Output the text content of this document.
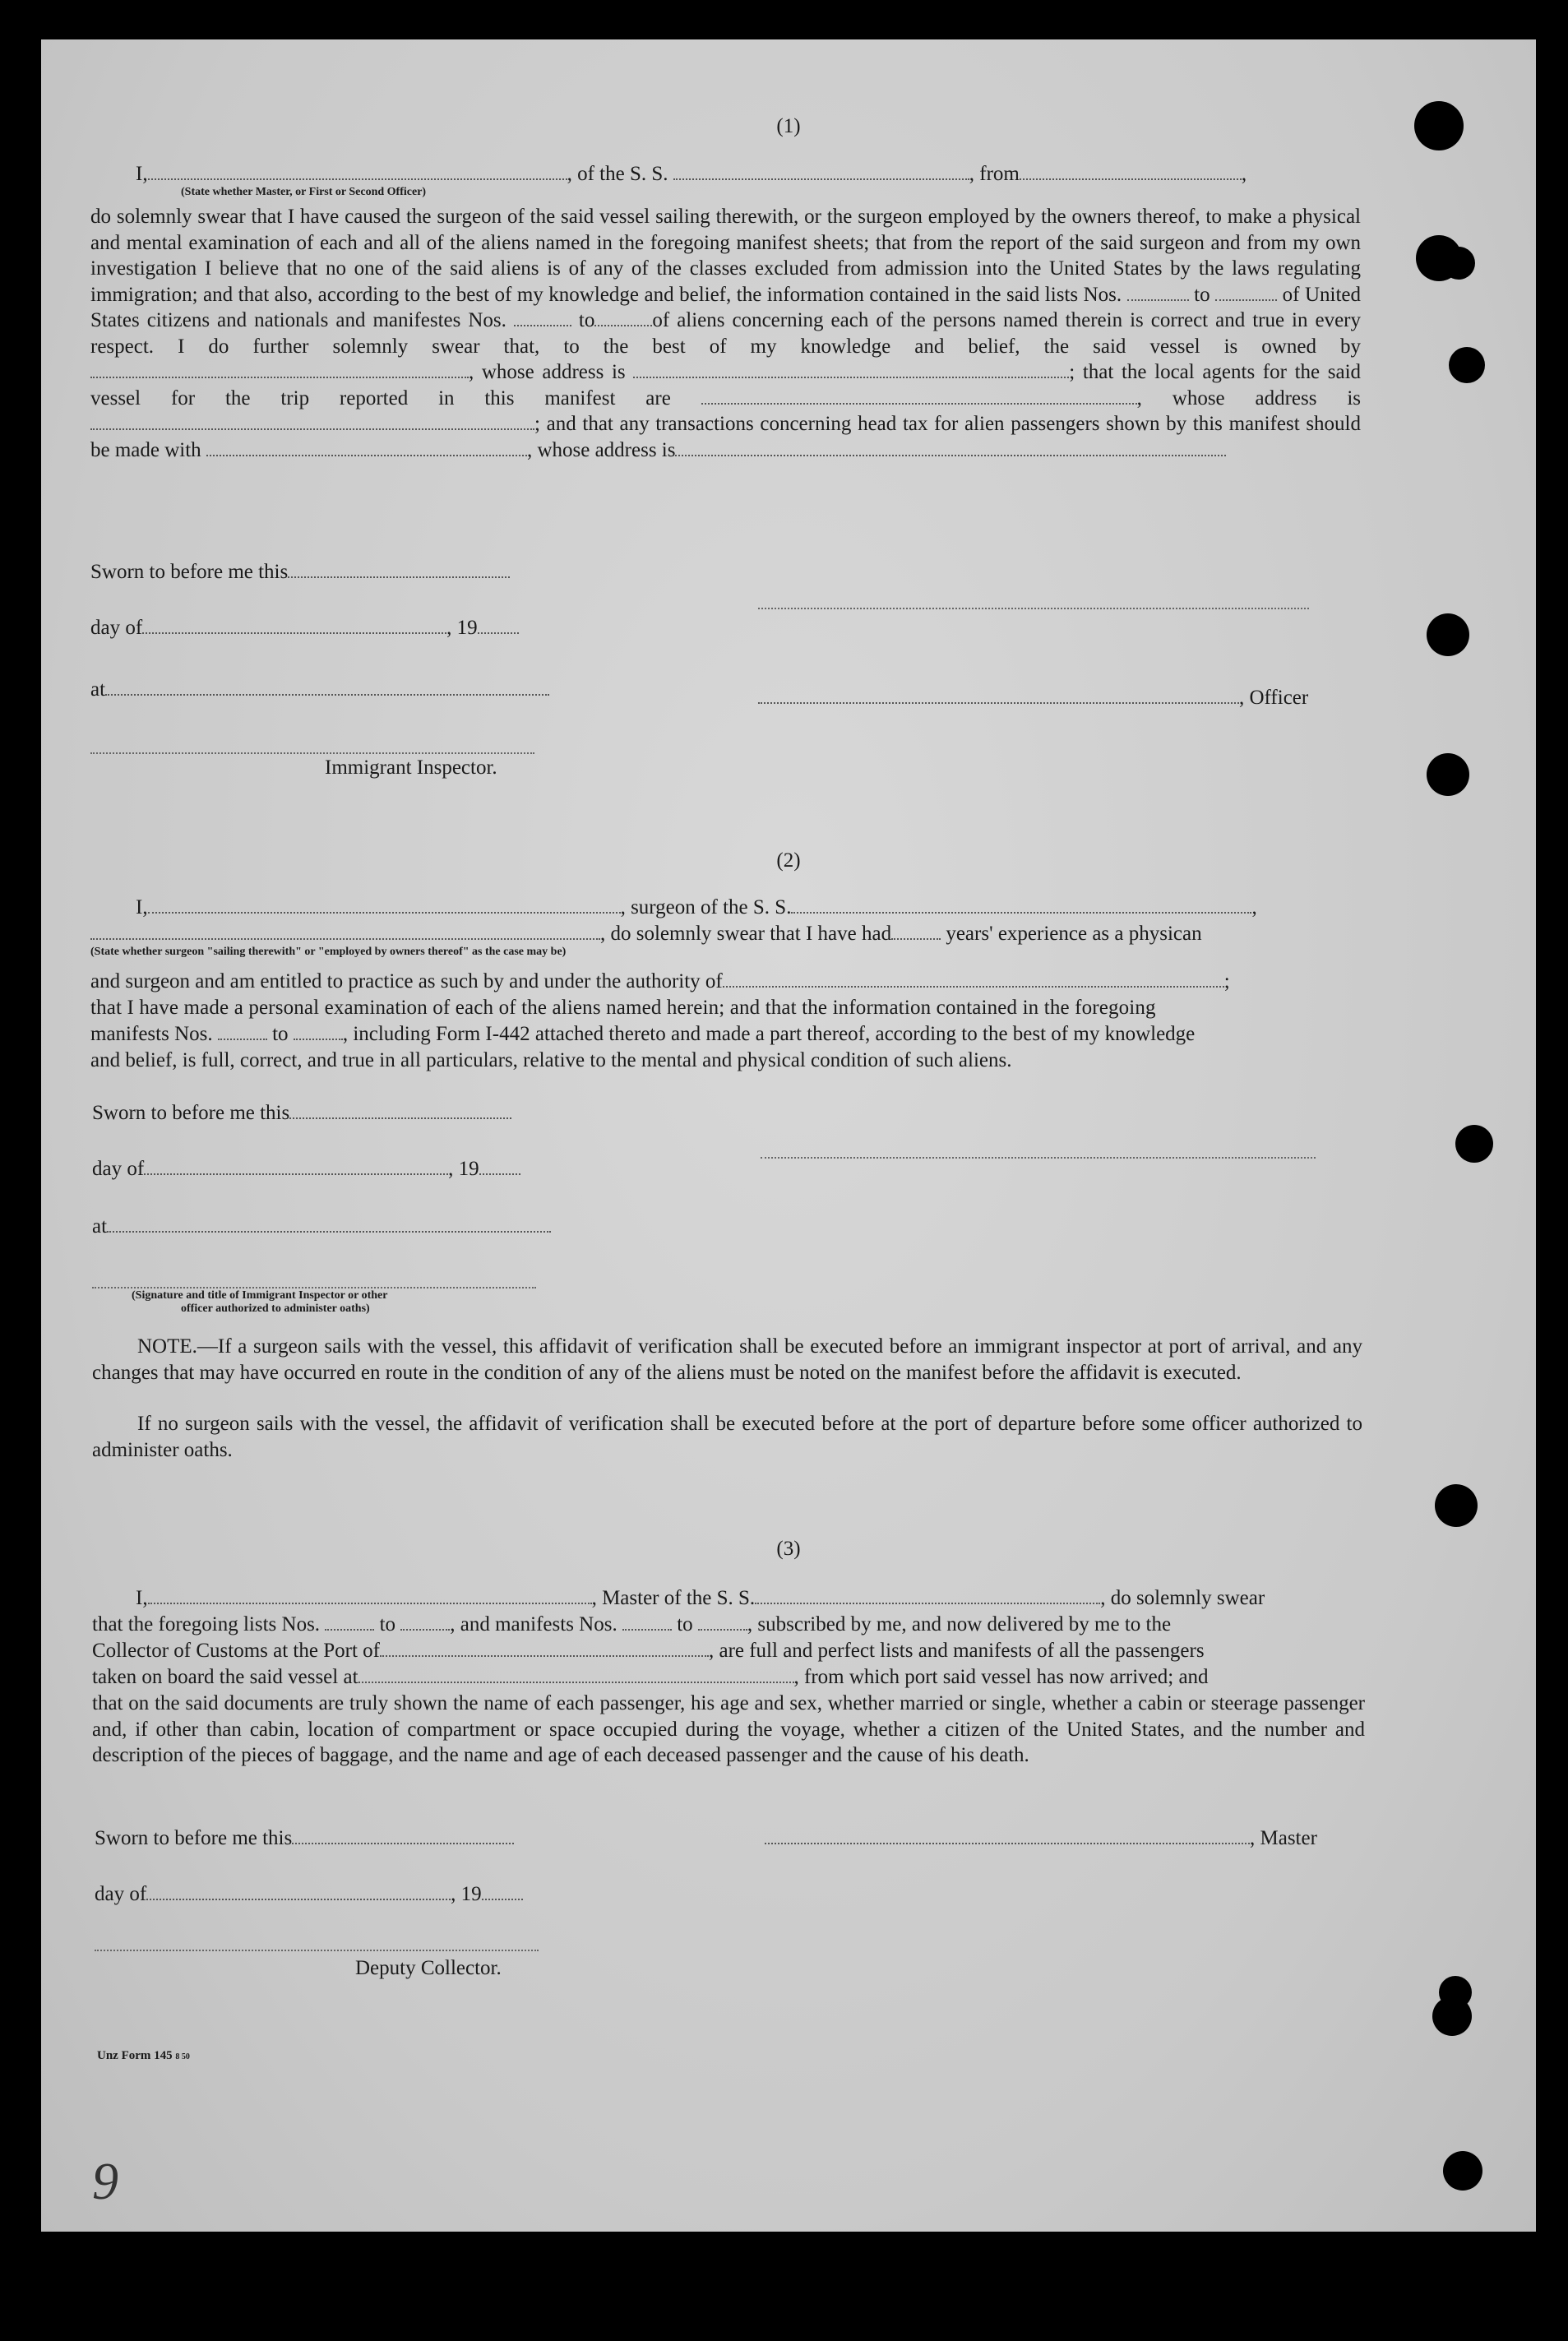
(1)
I,	, of the S. S.	, from	,
(State whether Master, or First or Second Officer)
do solemnly swear that I have caused the surgeon of the said vessel sailing therewith, or the surgeon employed by the owners thereof, to make a physical and mental examination of each and all of the aliens named in the foregoing manifest sheets; that from the report of the said surgeon and from my own investigation I believe that no one of the said aliens is of any of the classes excluded from admission into the United States by the laws regulating immigration; and that also, according to the best of my knowledge and belief, the information contained in the said lists Nos.	to	of United States citizens and nationals and manifestes Nos.	to	of aliens concerning each of the persons named therein is correct and true in every respect. I do further solemnly swear that, to the best of my knowledge and belief, the said vessel is owned by , whose address is	; that the local agents for the said vessel for the trip reported in this manifest are	, whose address is ; and that any transactions concerning head tax for alien passengers shown by this manifest should be made with	, whose address is
Sworn to before me this
day of	, 19
at	, Officer
Immigrant Inspector.
(2)
I,	, surgeon of the S. S.	,
, do solemnly swear that I have had	years' experience as a physican
(State whether surgeon "sailing therewith" or "employed by owners thereof" as the case may be)
and surgeon and am entitled to practice as such by and under the authority of	;
that I have made a personal examination of each of the aliens named herein; and that the information contained in the foregoing
manifests Nos.	to	, including Form I-442 attached thereto and made a part thereof, according to the best of my knowledge
and belief, is full, correct, and true in all particulars, relative to the mental and physical condition of such aliens.
Sworn to before me this
day of	, 19
at
(Signature and title of Immigrant Inspector or other
officer authorized to administer oaths)
NOTE.—If a surgeon sails with the vessel, this affidavit of verification shall be executed before an immigrant inspector at port of arrival, and any changes that may have occurred en route in the condition of any of the aliens must be noted on the manifest before the affidavit is executed.
If no surgeon sails with the vessel, the affidavit of verification shall be executed before at the port of departure before some officer authorized to administer oaths.
(3)
I,	, Master of the S. S.	, do solemnly swear
that the foregoing lists Nos.	to	, and manifests Nos.	to	, subscribed by me, and now delivered by me to the
Collector of Customs at the Port of	, are full and perfect lists and manifests of all the passengers
taken on board the said vessel at	, from which port said vessel has now arrived; and
that on the said documents are truly shown the name of each passenger, his age and sex, whether married or single, whether a cabin or steerage passenger and, if other than cabin, location of compartment or space occupied during the voyage, whether a citizen of the United States, and the number and description of the pieces of baggage, and the name and age of each deceased passenger and the cause of his death.
Sworn to before me this	, Master
day of	, 19
Deputy Collector.
Unz Form 145 8 50
9
